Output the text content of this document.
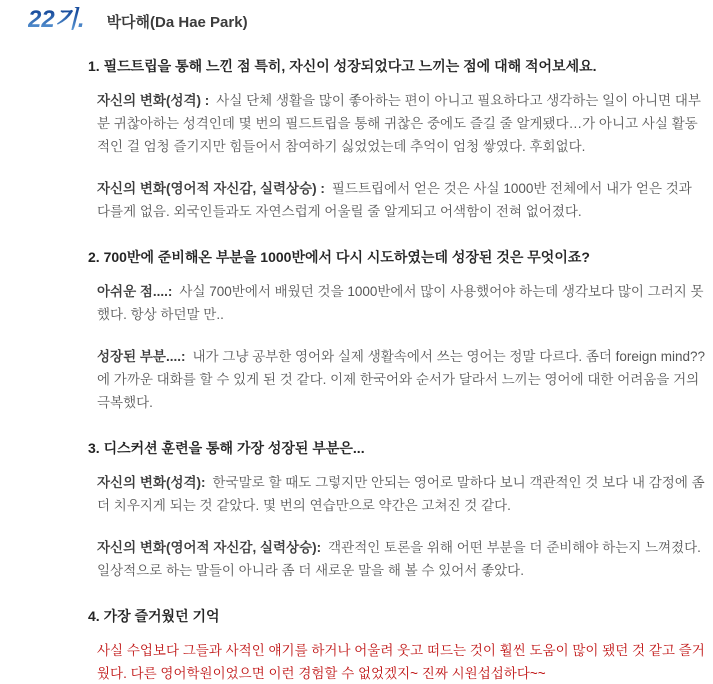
22기. 박다해(Da Hae Park)
1. 필드트립을 통해 느낀 점 특히, 자신이 성장되었다고 느끼는 점에 대해 적어보세요.

자신의 변화(성격) : 사실 단체 생활을 많이 좋아하는 편이 아니고 필요하다고 생각하는 일이 아니면 대부분 귀찮아하는 성격인데 몇 번의 필드트립을 통해 귀찮은 중에도 즐길 줄 알게됐다…가 아니고 사실 활동적인 걸 엄청 즐기지만 힘들어서 참여하기 싫었었는데 추억이 엄청 쌓였다. 후회없다.

자신의 변화(영어적 자신감, 실력상승) : 필드트립에서 얻은 것은 사실 1000반 전체에서 내가 얻은 것과 다를게 없음. 외국인들과도 자연스럽게 어울릴 줄 알게되고 어색함이 전혀 없어졌다.

2. 700반에 준비해온 부분을 1000반에서 다시 시도하였는데 성장된 것은 무엇이죠?

아쉬운 점....: 사실 700반에서 배웠던 것을 1000반에서 많이 사용했어야 하는데 생각보다 많이 그러지 못했다. 항상 하던말 만..

성장된 부분....: 내가 그냥 공부한 영어와 실제 생활속에서 쓰는 영어는 정말 다르다. 좀더 foreign mind??에 가까운 대화를 할 수 있게 된 것 같다. 이제 한국어와 순서가 달라서 느끼는 영어에 대한 어려움을 거의 극복했다.

3. 디스커션 훈련을 통해 가장 성장된 부분은...

자신의 변화(성격): 한국말로 할 때도 그렇지만 안되는 영어로 말하다 보니 객관적인 것 보다 내 감정에 좀 더 치우지게 되는 것 같았다. 몇 번의 연습만으로 약간은 고쳐진 것 같다.

자신의 변화(영어적 자신감, 실력상승): 객관적인 토론을 위해 어떤 부분을 더 준비해야 하는지 느껴졌다. 일상적으로 하는 말들이 아니라 좀 더 새로운 말을 해 볼 수 있어서 좋았다.

4. 가장 즐거웠던 기억

사실 수업보다 그들과 사적인 얘기를 하거나 어울려 웃고 떠드는 것이 훨씬 도움이 많이 됐던 것 같고 즐거웠다. 다른 영어학원이었으면 이런 경험할 수 없었겠지~ 진짜 시원섭섭하다~~
